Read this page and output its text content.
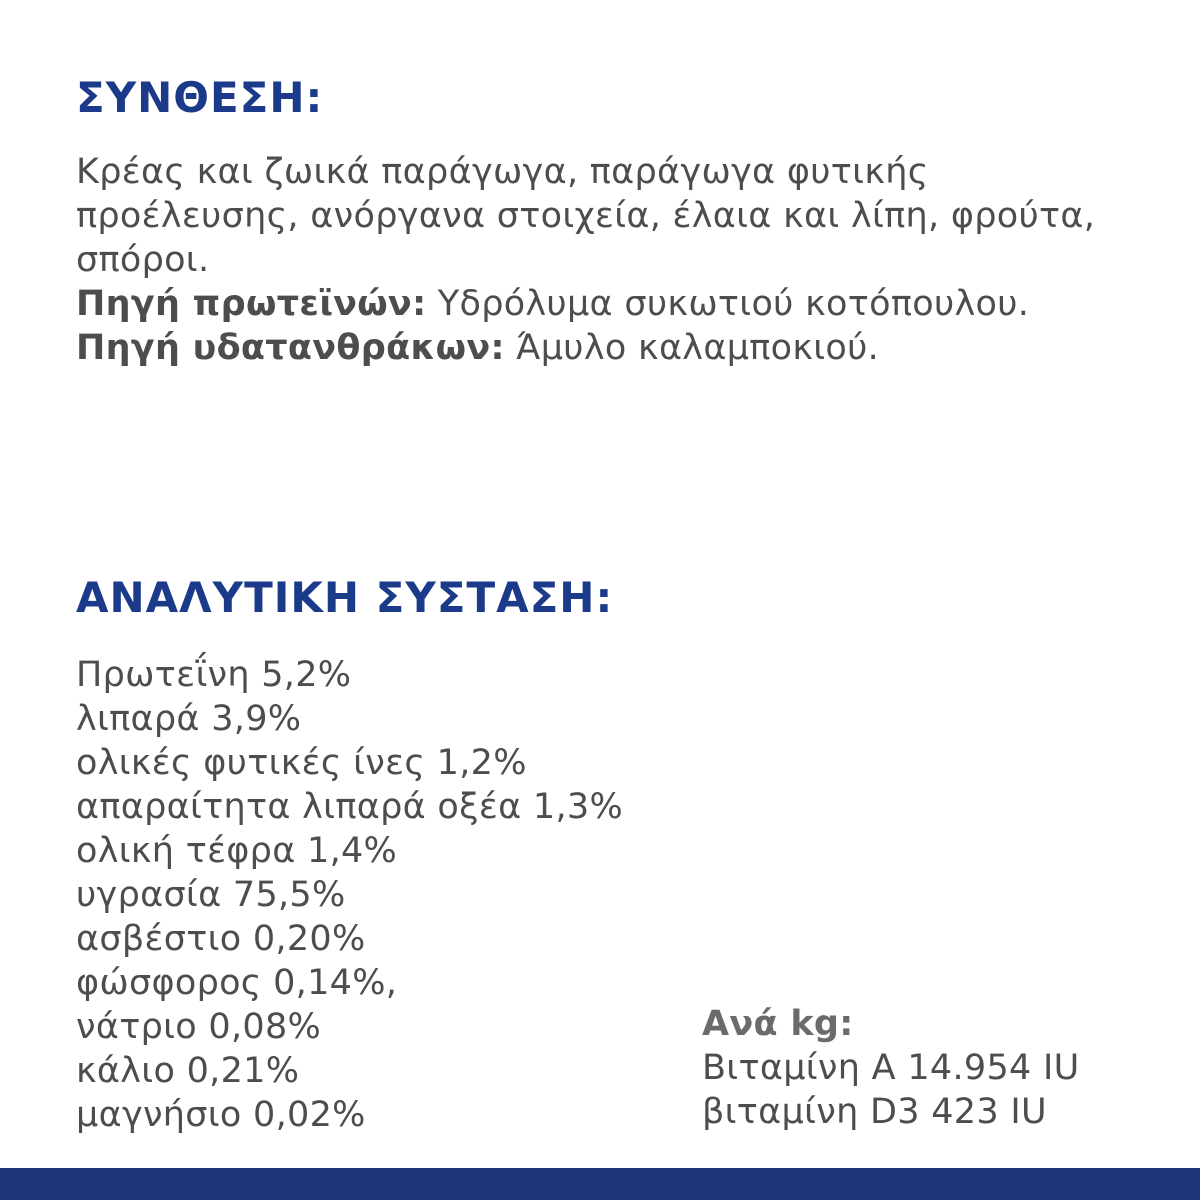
ΣΥΝΘΕΣΗ:
Κρέας και ζωικά παράγωγα, παράγωγα φυτικής
προέλευσης, ανόργανα στοιχεία, έλαια και λίπη, φρούτα,
σπόροι.
Πηγή πρωτεϊνών: Υδρόλυμα συκωτιού κοτόπουλου.
Πηγή υδατανθράκων: Άμυλο καλαμποκιού.
ΑΝΑΛΥΤΙΚΗ ΣΥΣΤΑΣΗ:
Πρωτεΐνη 5,2%
λιπαρά 3,9%
ολικές φυτικές ίνες 1,2%
απαραίτητα λιπαρά οξέα 1,3%
ολική τέφρα 1,4%
υγρασία 75,5%
ασβέστιο 0,20%
φώσφορος 0,14%,
νάτριο 0,08%
κάλιο 0,21%
μαγνήσιο 0,02%
Ανά kg:
Βιταμίνη A 14.954 IU
βιταμίνη D3 423 IU
